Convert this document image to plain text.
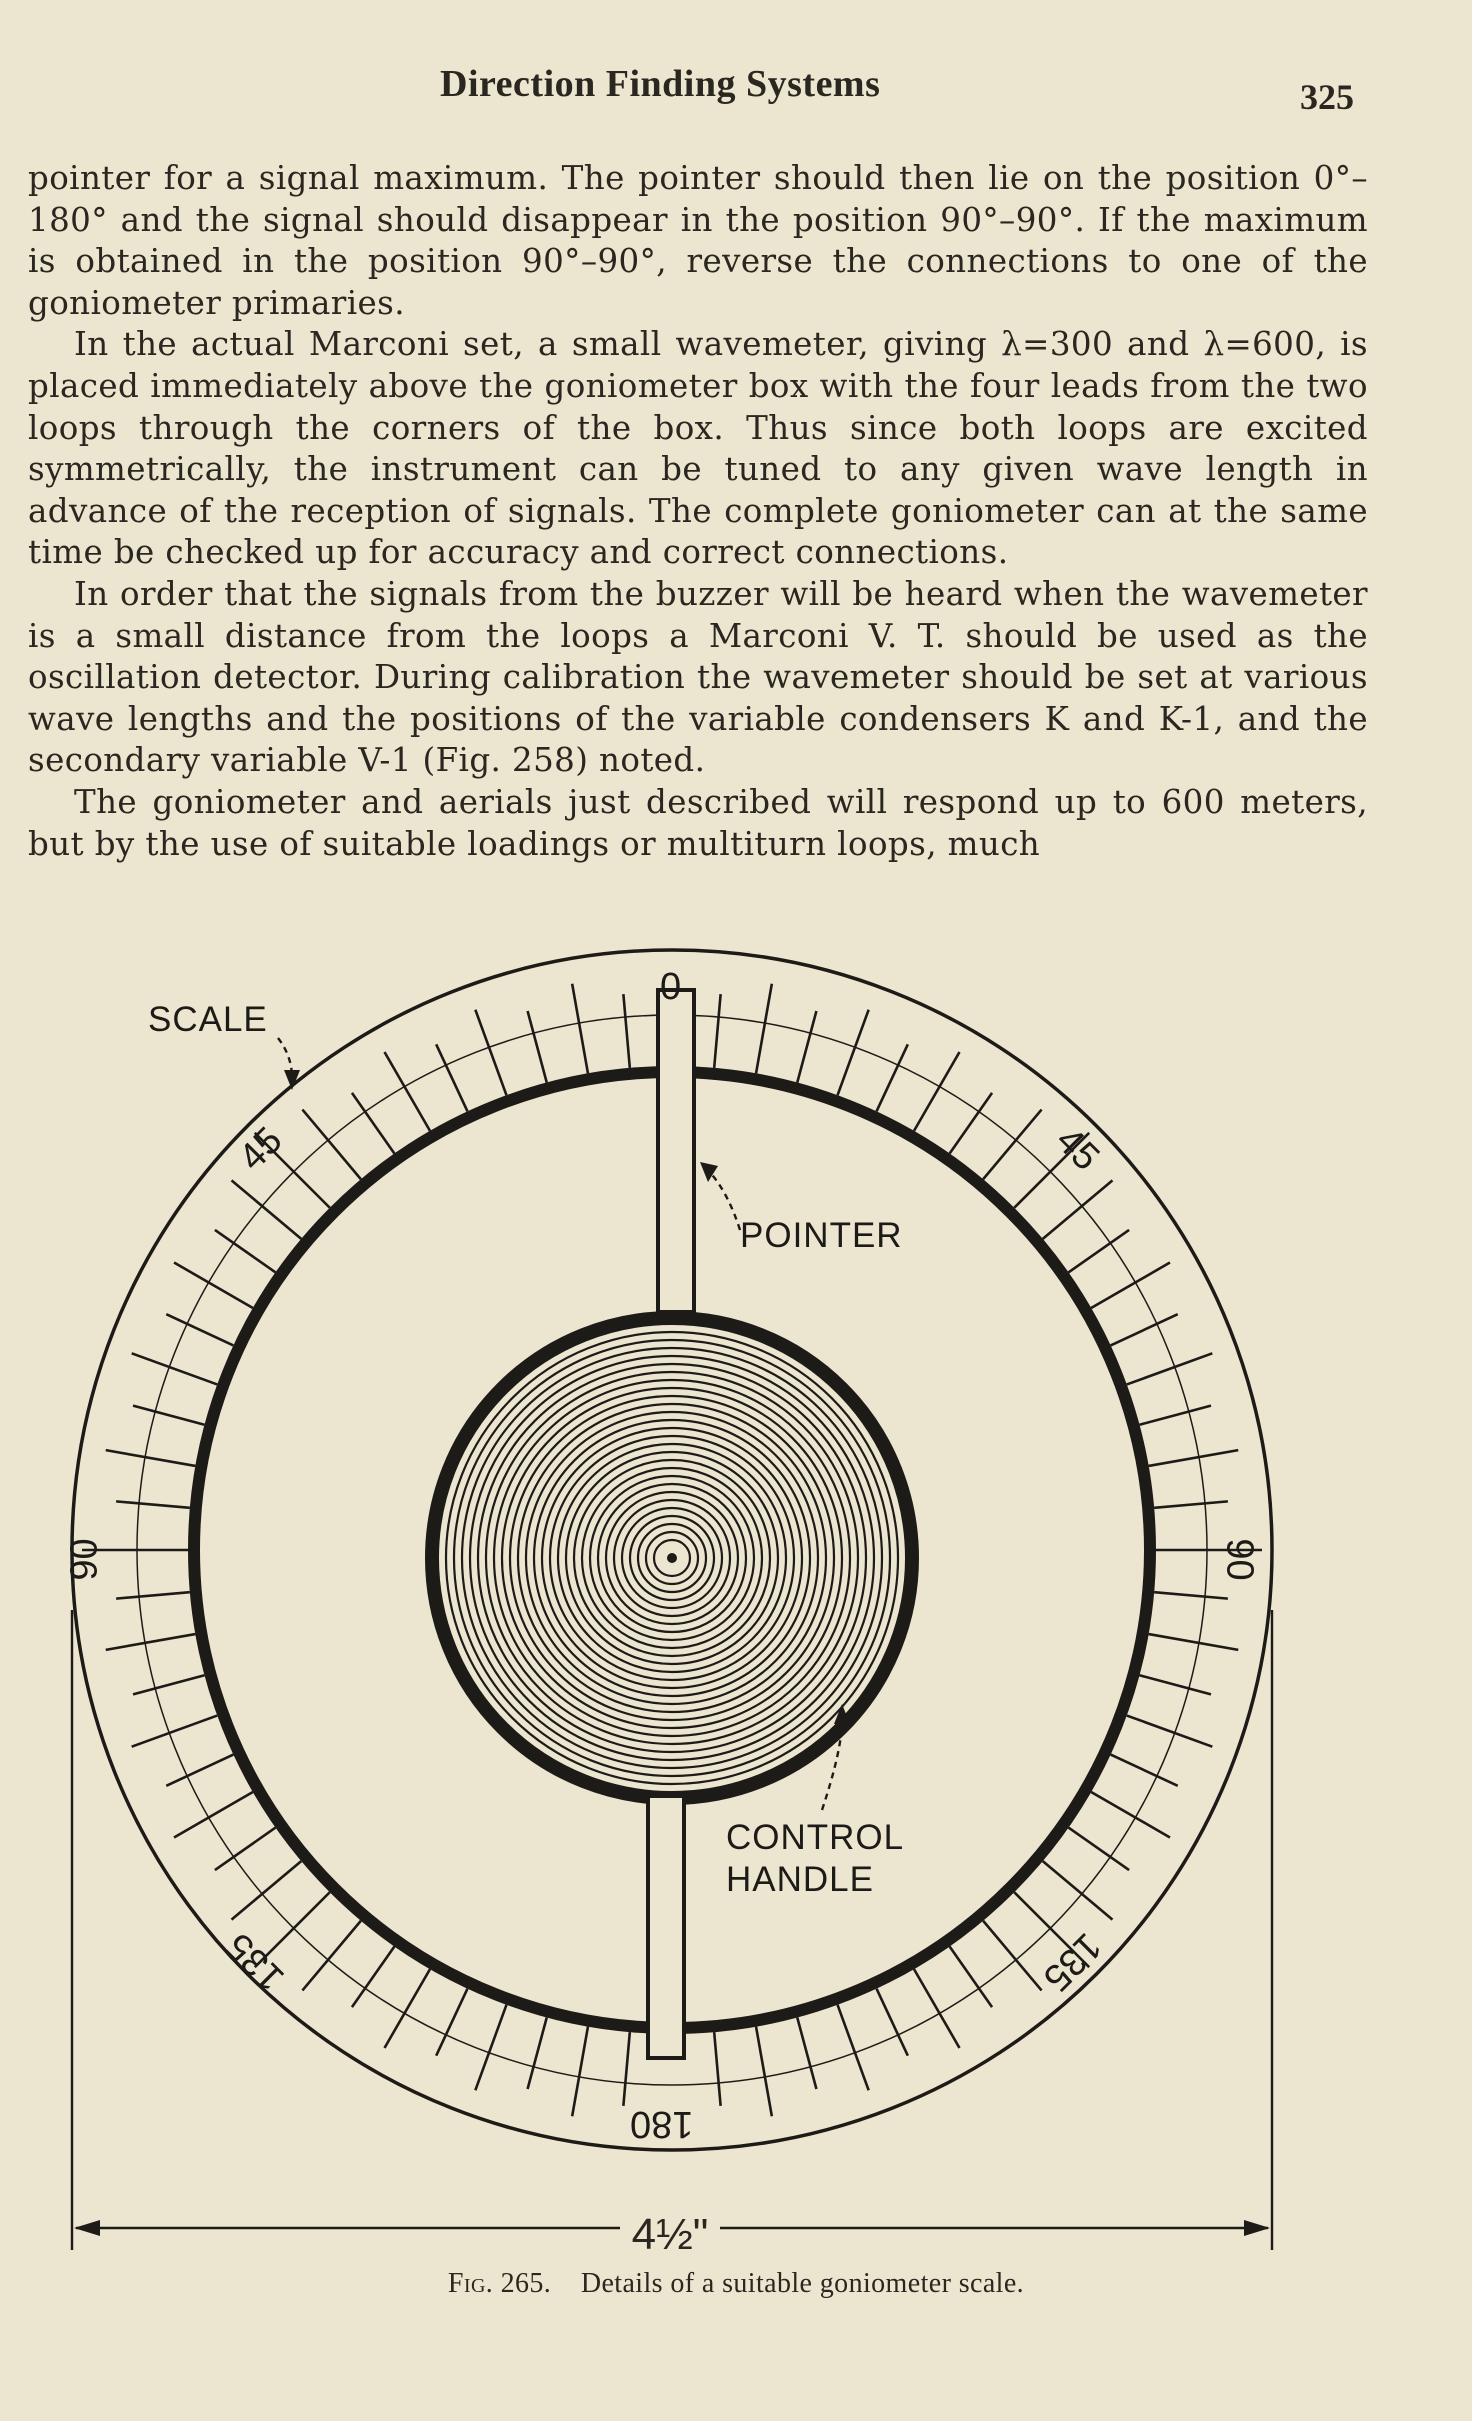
Direction Finding Systems	325

pointer for a signal maximum. The pointer should then lie on the position 0°–180° and the signal should disappear in the position 90°–90°. If the maximum is obtained in the position 90°–90°, reverse the connections to one of the goniometer primaries.

In the actual Marconi set, a small wavemeter, giving λ=300 and λ=600, is placed immediately above the goniometer box with the four leads from the two loops through the corners of the box. Thus since both loops are excited symmetrically, the instrument can be tuned to any given wave length in advance of the reception of signals. The complete goniometer can at the same time be checked up for accuracy and correct connections.

In order that the signals from the buzzer will be heard when the wavemeter is a small distance from the loops a Marconi V. T. should be used as the oscillation detector. During calibration the wavemeter should be set at various wave lengths and the positions of the variable condensers K and K-1, and the secondary variable V-1 (Fig. 258) noted.

The goniometer and aerials just described will respond up to 600 meters, but by the use of suitable loadings or multiturn loops, much

SCALE
POINTER
CONTROL
HANDLE
0
180
90	90
45	45
135	135
4½"
Fig. 265. Details of a suitable goniometer scale.
